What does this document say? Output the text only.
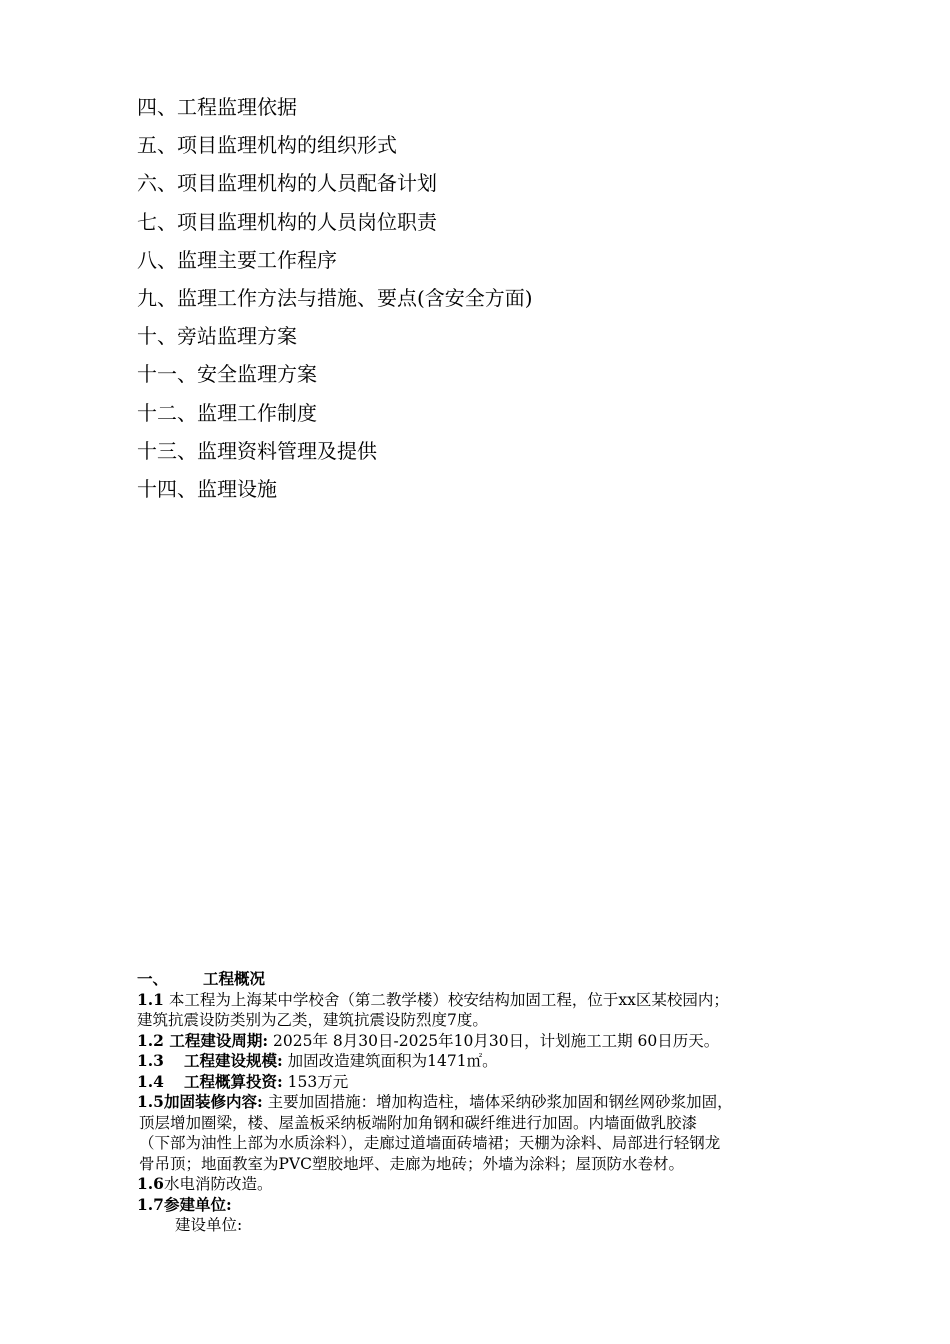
四、工程监理依据
五、项目监理机构的组织形式
六、项目监理机构的人员配备计划
七、项目监理机构的人员岗位职责
八、监理主要工作程序
九、监理工作方法与措施、要点(含安全方面)
十、旁站监理方案
十一、安全监理方案
十二、监理工作制度
十三、监理资料管理及提供
十四、监理设施
一、 工程概况
1.1 本工程为上海某中学校舍（第二教学楼）校安结构加固工程，位于xx区某校园内；
建筑抗震设防类别为乙类，建筑抗震设防烈度7度。
1.2 工程建设周期: 2025年 8月30日-2025年10月30日，计划施工工期 60日历天。
1.3 工程建设规模: 加固改造建筑面积为1471㎡。
1.4 工程概算投资: 153万元
1.5加固装修内容: 主要加固措施：增加构造柱，墙体采纳砂浆加固和钢丝网砂浆加固，
顶层增加圈梁，楼、屋盖板采纳板端附加角钢和碳纤维进行加固。内墙面做乳胶漆
（下部为油性上部为水质涂料），走廊过道墙面砖墙裙；天棚为涂料、局部进行轻钢龙
骨吊顶；地面教室为PVC塑胶地坪、走廊为地砖；外墙为涂料；屋顶防水卷材。
1.6水电消防改造。
1.7参建单位:
建设单位:
